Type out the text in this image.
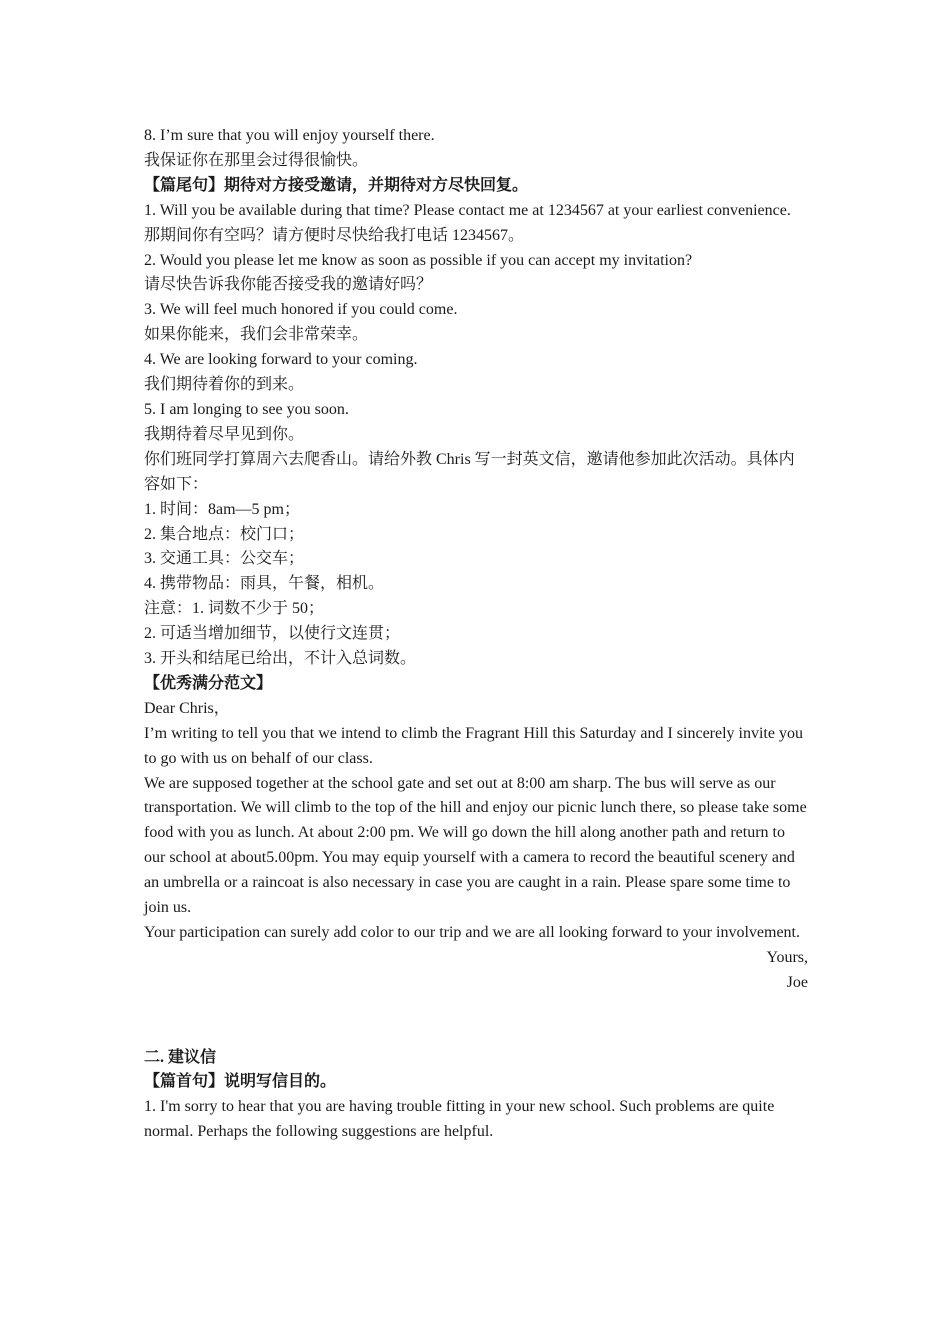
8. I’m sure that you will enjoy yourself there.

我保证你在那里会过得很愉快。

【篇尾句】期待对方接受邀请，并期待对方尽快回复。

1. Will you be available during that time? Please contact me at 1234567 at your earliest convenience.

那期间你有空吗？请方便时尽快给我打电话 1234567。

2. Would you please let me know as soon as possible if you can accept my invitation?

请尽快告诉我你能否接受我的邀请好吗？

3. We will feel much honored if you could come.

如果你能来，我们会非常荣幸。

4. We are looking forward to your coming.

我们期待着你的到来。

5. I am longing to see you soon.

我期待着尽早见到你。

你们班同学打算周六去爬香山。请给外教 Chris 写一封英文信，邀请他参加此次活动。具体内容如下：

1. 时间：8am—5 pm；

2. 集合地点：校门口；

3. 交通工具：公交车；

4. 携带物品：雨具，午餐，相机。

注意：1. 词数不少于 50；

2. 可适当增加细节，以使行文连贯；

3. 开头和结尾已给出，不计入总词数。

【优秀满分范文】

Dear Chris，

I’m writing to tell you that we intend to climb the Fragrant Hill this Saturday and I sincerely invite you to go with us on behalf of our class.

We are supposed together at the school gate and set out at 8:00 am sharp. The bus will serve as our transportation. We will climb to the top of the hill and enjoy our picnic lunch there, so please take some food with you as lunch. At about 2:00 pm. We will go down the hill along another path and return to our school at about5.00pm. You may equip yourself with a camera to record the beautiful scenery and an umbrella or a raincoat is also necessary in case you are caught in a rain. Please spare some time to join us.

Your participation can surely add color to our trip and we are all looking forward to your involvement.

Yours,

Joe

二. 建议信

【篇首句】说明写信目的。

1. I'm sorry to hear that you are having trouble fitting in your new school. Such problems are quite normal. Perhaps the following suggestions are helpful.
